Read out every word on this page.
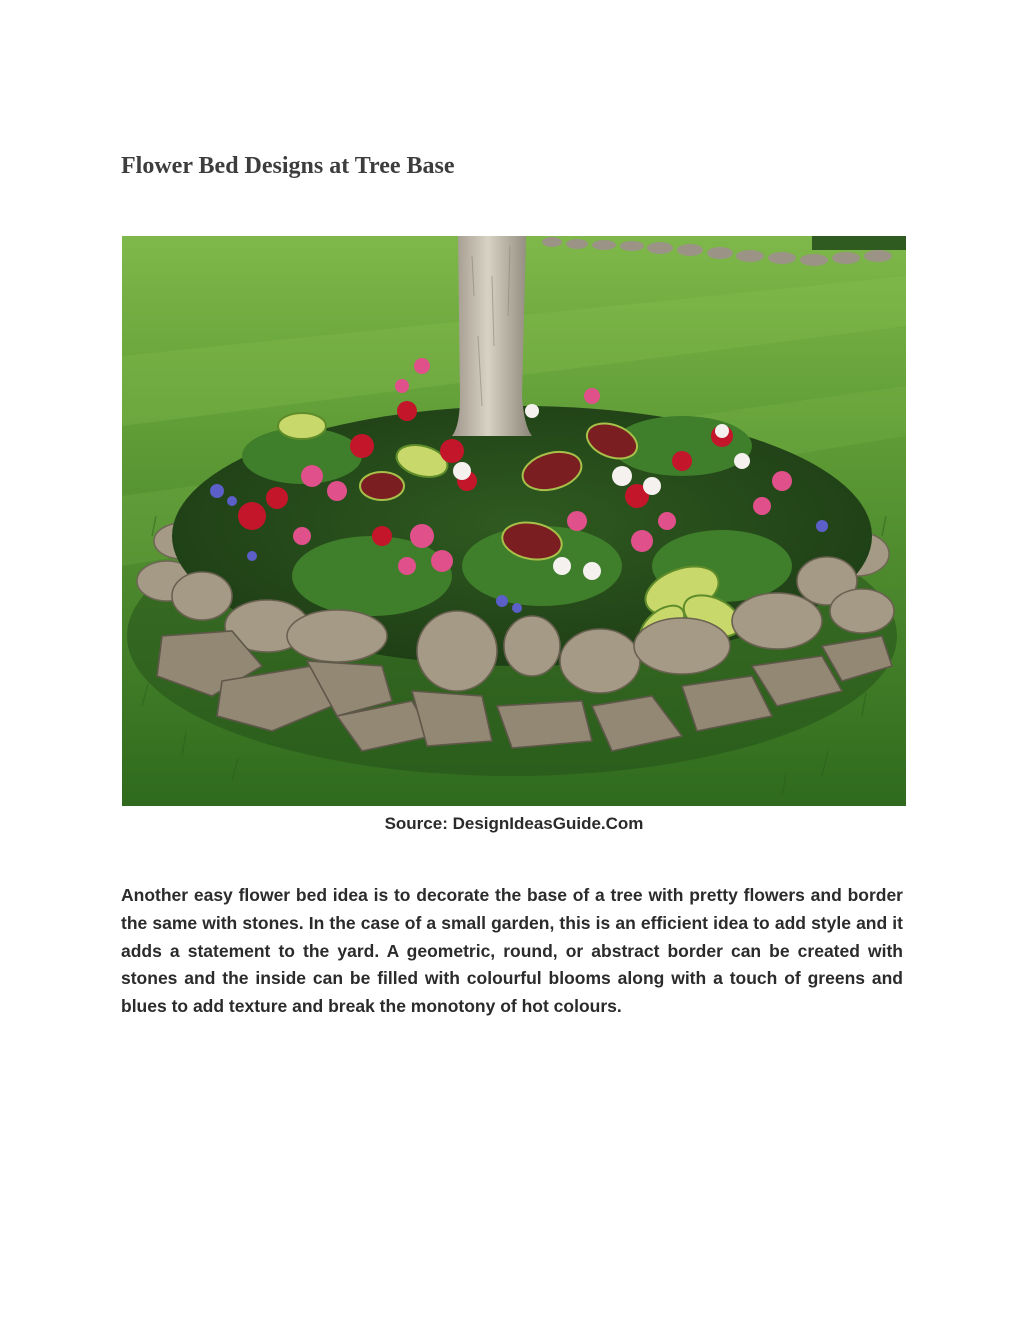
Flower Bed Designs at Tree Base

Source: DesignIdeasGuide.Com

Another easy flower bed idea is to decorate the base of a tree with pretty flowers and border the same with stones. In the case of a small garden, this is an efficient idea to add style and it adds a statement to the yard. A geometric, round, or abstract border can be created with stones and the inside can be filled with colourful blooms along with a touch of greens and blues to add texture and break the monotony of hot colours.
